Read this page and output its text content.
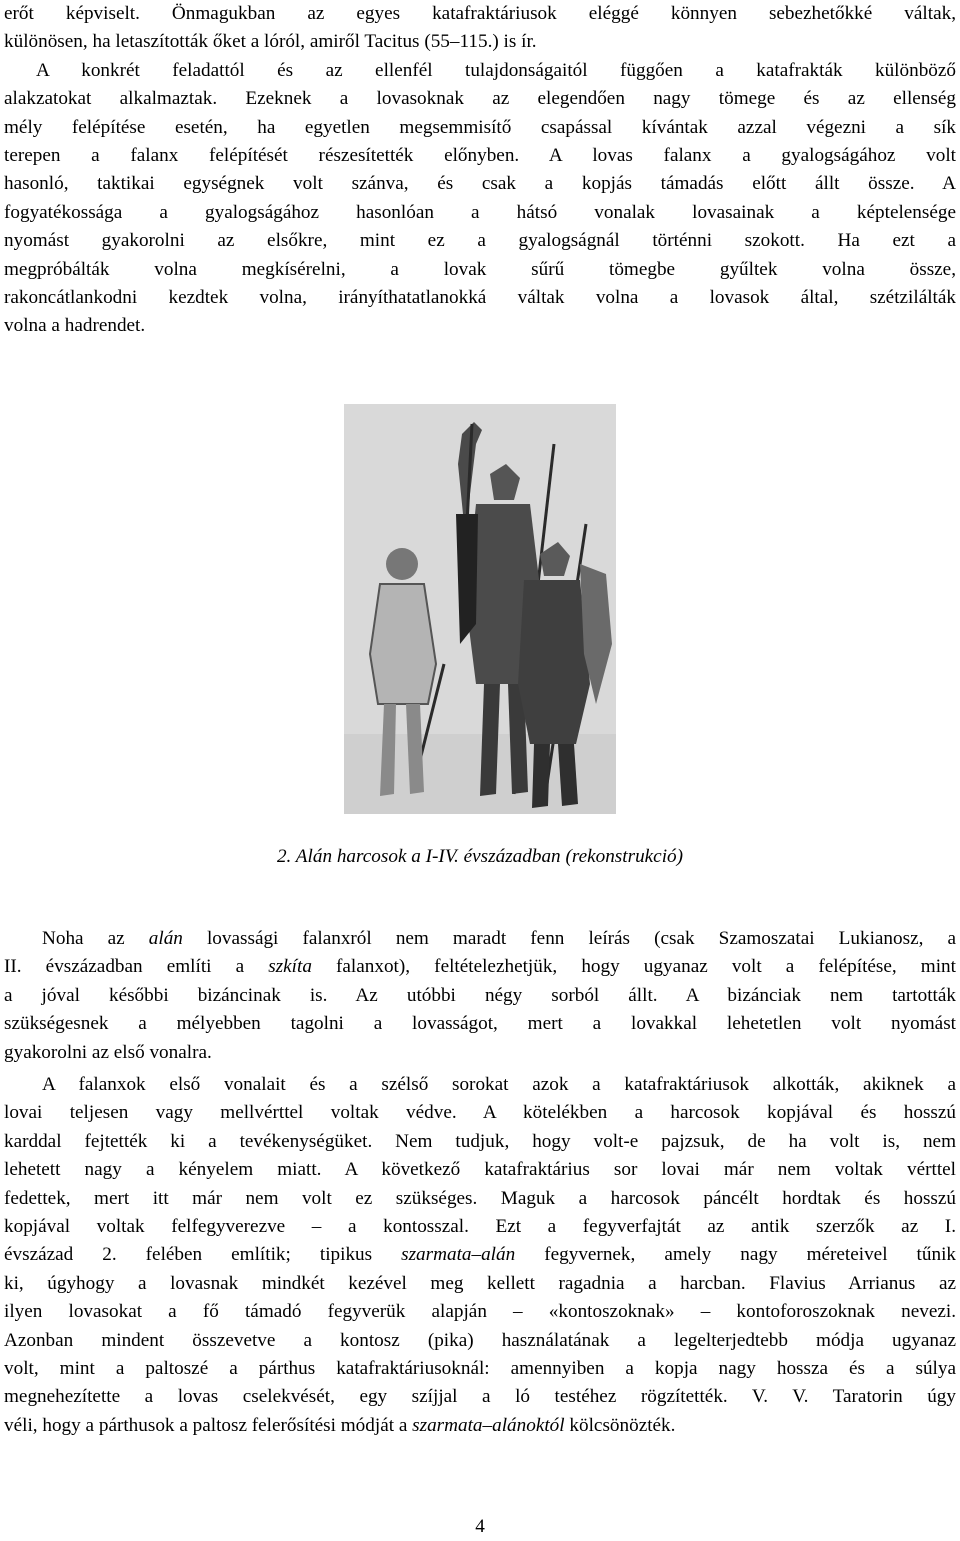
erőt képviselt. Önmagukban az egyes katafraktáriusok eléggé könnyen sebezhetőkké váltak,
különösen, ha letaszították őket a lóról, amiről Tacitus (55–115.) is ír.
A konkrét feladattól és az ellenfél tulajdonságaitól függően a katafrakták különböző
alakzatokat alkalmaztak. Ezeknek a lovasoknak az elegendően nagy tömege és az ellenség
mély felépítése esetén, ha egyetlen megsemmisítő csapással kívántak azzal végezni a sík
terepen a falanx felépítését részesítették előnyben. A lovas falanx a gyalogságához volt
hasonló, taktikai egységnek volt szánva, és csak a kopjás támadás előtt állt össze. A
fogyatékossága a gyalogságához hasonlóan a hátsó vonalak lovasainak a képtelensége
nyomást gyakorolni az elsőkre, mint ez a gyalogságnál történni szokott. Ha ezt a
megpróbálták volna megkísérelni, a lovak sűrű tömegbe gyűltek volna össze,
rakoncátlankodni kezdtek volna, irányíthatatlanokká váltak volna a lovasok által, szétzilálták
volna a hadrendet.

2. Alán harcosok a I-IV. évszázadban (rekonstrukció)

Noha az alán lovassági falanxról nem maradt fenn leírás (csak Szamoszatai Lukianosz, a
II. évszázadban említi a szkíta falanxot), feltételezhetjük, hogy ugyanaz volt a felépítése, mint
a jóval későbbi bizáncinak is. Az utóbbi négy sorból állt. A bizánciak nem tartották
szükségesnek a mélyebben tagolni a lovasságot, mert a lovakkal lehetetlen volt nyomást
gyakorolni az első vonalra.

A falanxok első vonalait és a szélső sorokat azok a katafraktáriusok alkották, akiknek a
lovai teljesen vagy mellvérttel voltak védve. A kötelékben a harcosok kopjával és hosszú
karddal fejtették ki a tevékenységüket. Nem tudjuk, hogy volt-e pajzsuk, de ha volt is, nem
lehetett nagy a kényelem miatt. A következő katafraktárius sor lovai már nem voltak vérttel
fedettek, mert itt már nem volt ez szükséges. Maguk a harcosok páncélt hordtak és hosszú
kopjával voltak felfegyverezve – a kontosszal. Ezt a fegyverfajtát az antik szerzők az I.
évszázad 2. felében említik; tipikus szarmata–alán fegyvernek, amely nagy méreteivel tűnik
ki, úgyhogy a lovasnak mindkét kezével meg kellett ragadnia a harcban. Flavius Arrianus az
ilyen lovasokat a fő támadó fegyverük alapján – «kontoszoknak» – kontoforoszoknak nevezi.
Azonban mindent összevetve a kontosz (pika) használatának a legelterjedtebb módja ugyanaz
volt, mint a paltoszé a párthus katafraktáriusoknál: amennyiben a kopja nagy hossza és a súlya
megnehezítette a lovas cselekvését, egy szíjjal a ló testéhez rögzítették. V. V. Taratorin úgy
véli, hogy a párthusok a paltosz felerősítési módját a szarmata–alánoktól kölcsönözték.

4
